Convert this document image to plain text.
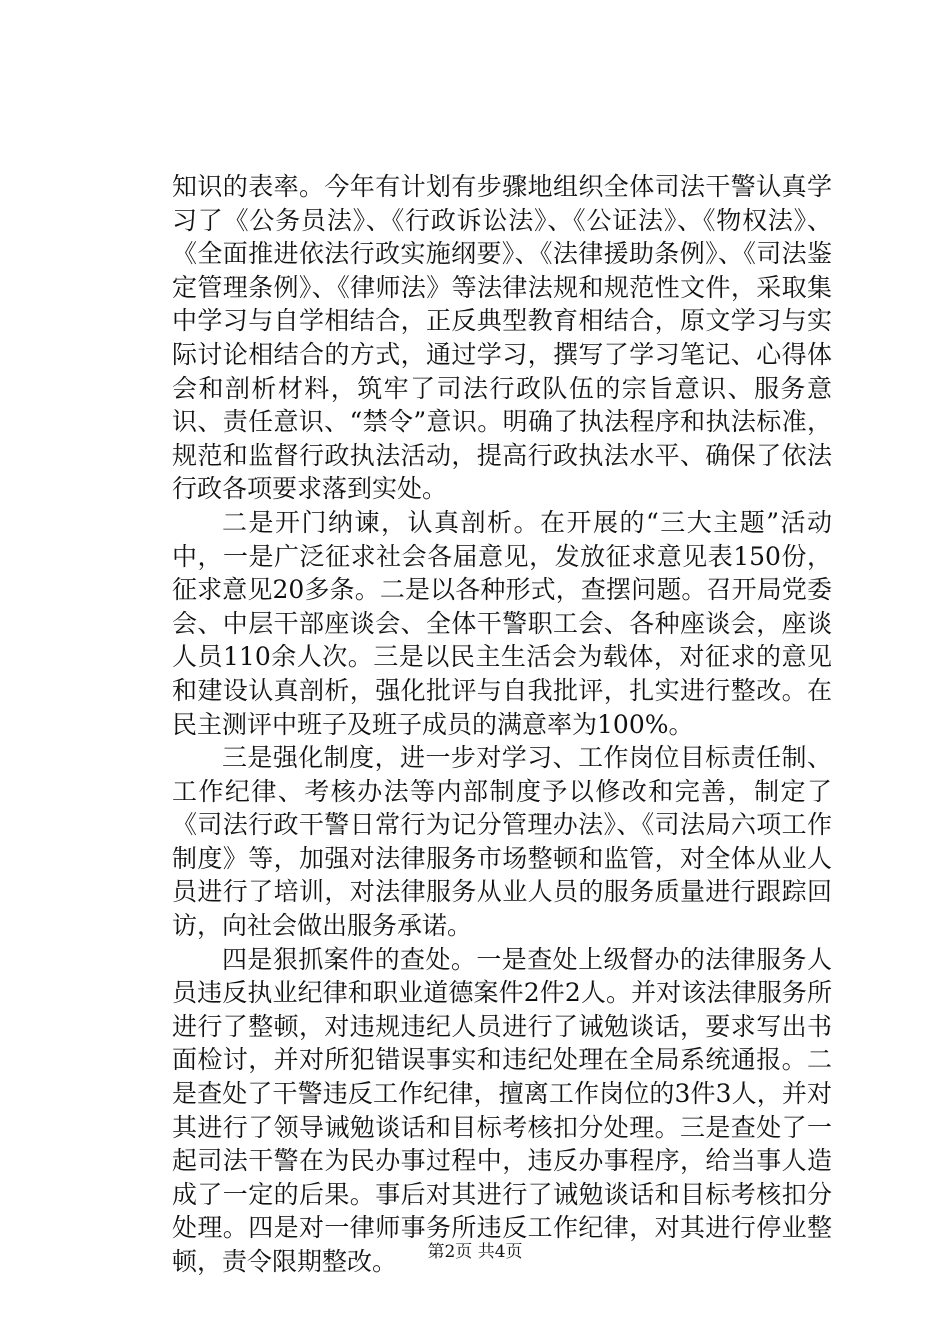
知识的表率。今年有计划有步骤地组织全体司法干警认真学习了《公务员法》、《行政诉讼法》、《公证法》、《物权法》、《全面推进依法行政实施纲要》、《法律援助条例》、《司法鉴定管理条例》、《律师法》等法律法规和规范性文件，采取集中学习与自学相结合，正反典型教育相结合，原文学习与实际讨论相结合的方式，通过学习，撰写了学习笔记、心得体会和剖析材料，筑牢了司法行政队伍的宗旨意识、服务意识、责任意识、“禁令”意识。明确了执法程序和执法标准，规范和监督行政执法活动，提高行政执法水平、确保了依法行政各项要求落到实处。

二是开门纳谏，认真剖析。在开展的“三大主题”活动中，一是广泛征求社会各届意见，发放征求意见表150份，征求意见20多条。二是以各种形式，查摆问题。召开局党委会、中层干部座谈会、全体干警职工会、各种座谈会，座谈人员110余人次。三是以民主生活会为载体，对征求的意见和建设认真剖析，强化批评与自我批评，扎实进行整改。在民主测评中班子及班子成员的满意率为100%。

三是强化制度，进一步对学习、工作岗位目标责任制、工作纪律、考核办法等内部制度予以修改和完善，制定了《司法行政干警日常行为记分管理办法》、《司法局六项工作制度》等，加强对法律服务市场整顿和监管，对全体从业人员进行了培训，对法律服务从业人员的服务质量进行跟踪回访，向社会做出服务承诺。

四是狠抓案件的查处。一是查处上级督办的法律服务人员违反执业纪律和职业道德案件2件2人。并对该法律服务所进行了整顿，对违规违纪人员进行了诫勉谈话，要求写出书面检讨，并对所犯错误事实和违纪处理在全局系统通报。二是查处了干警违反工作纪律，擅离工作岗位的3件3人，并对其进行了领导诫勉谈话和目标考核扣分处理。三是查处了一起司法干警在为民办事过程中，违反办事程序，给当事人造成了一定的后果。事后对其进行了诫勉谈话和目标考核扣分处理。四是对一律师事务所违反工作纪律，对其进行停业整顿，责令限期整改。	第2页 共4页
